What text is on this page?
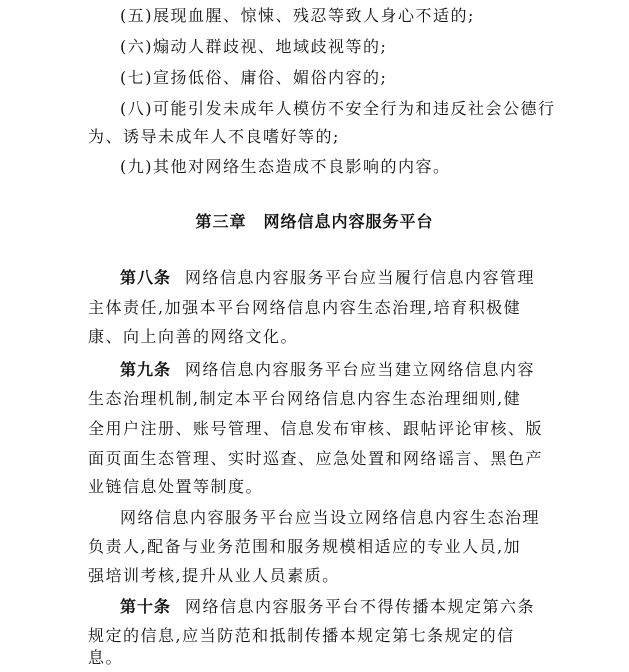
(五)展现血腥、惊悚、残忍等致人身心不适的;
(六)煽动人群歧视、地域歧视等的;
(七)宣扬低俗、庸俗、媚俗内容的;
(八)可能引发未成年人模仿不安全行为和违反社会公德行
为、诱导未成年人不良嗜好等的;
(九)其他对网络生态造成不良影响的内容。
第三章　网络信息内容服务平台
第八条 网络信息内容服务平台应当履行信息内容管理
主体责任,加强本平台网络信息内容生态治理,培育积极健
康、向上向善的网络文化。
第九条 网络信息内容服务平台应当建立网络信息内容
生态治理机制,制定本平台网络信息内容生态治理细则,健
全用户注册、账号管理、信息发布审核、跟帖评论审核、版
面页面生态管理、实时巡查、应急处置和网络谣言、黑色产
业链信息处置等制度。
网络信息内容服务平台应当设立网络信息内容生态治理
负责人,配备与业务范围和服务规模相适应的专业人员,加
强培训考核,提升从业人员素质。
第十条 网络信息内容服务平台不得传播本规定第六条
规定的信息,应当防范和抵制传播本规定第七条规定的信
息。
